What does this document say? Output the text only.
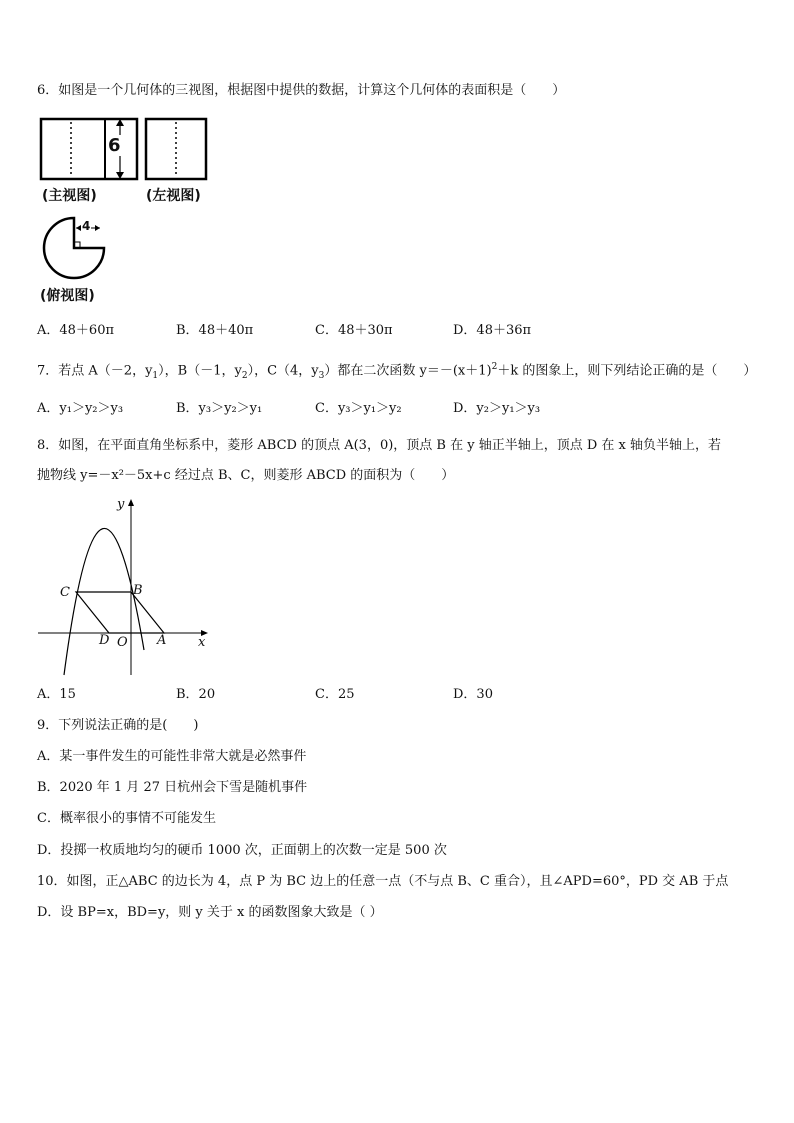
6．如图是一个几何体的三视图，根据图中提供的数据，计算这个几何体的表面积是（　　）
6
(主视图)	(左视图)
4
(俯视图)
A．48＋60π	B．48＋40π	C．48＋30π	D．48＋36π
7．若点 A（－2，$y_1$），B（－1，$y_2$），C（4，$y_3$）都在二次函数 $y=-(x+1)^2+k$ 的图象上，则下列结论正确的是（　　）
A．y₁＞y₂＞y₃	B．y₃＞y₂＞y₁	C．y₃＞y₁＞y₂	D．y₂＞y₁＞y₃
8．如图，在平面直角坐标系中，菱形 ABCD 的顶点 A(3，0)，顶点 B 在 y 轴正半轴上，顶点 D 在 x 轴负半轴上，若
抛物线 y=－x²－5x+c 经过点 B、C，则菱形 ABCD 的面积为（　　）
y
x
B
C
D O A
A．15	B．20	C．25	D．30
9．下列说法正确的是(　　)
A．某一事件发生的可能性非常大就是必然事件
B．2020 年 1 月 27 日杭州会下雪是随机事件
C．概率很小的事情不可能发生
D．投掷一枚质地均匀的硬币 1000 次，正面朝上的次数一定是 500 次
10．如图，正△ABC 的边长为 4，点 P 为 BC 边上的任意一点（不与点 B、C 重合），且∠APD=60°，PD 交 AB 于点
D．设 BP=x，BD=y，则 y 关于 x 的函数图象大致是（ ）
